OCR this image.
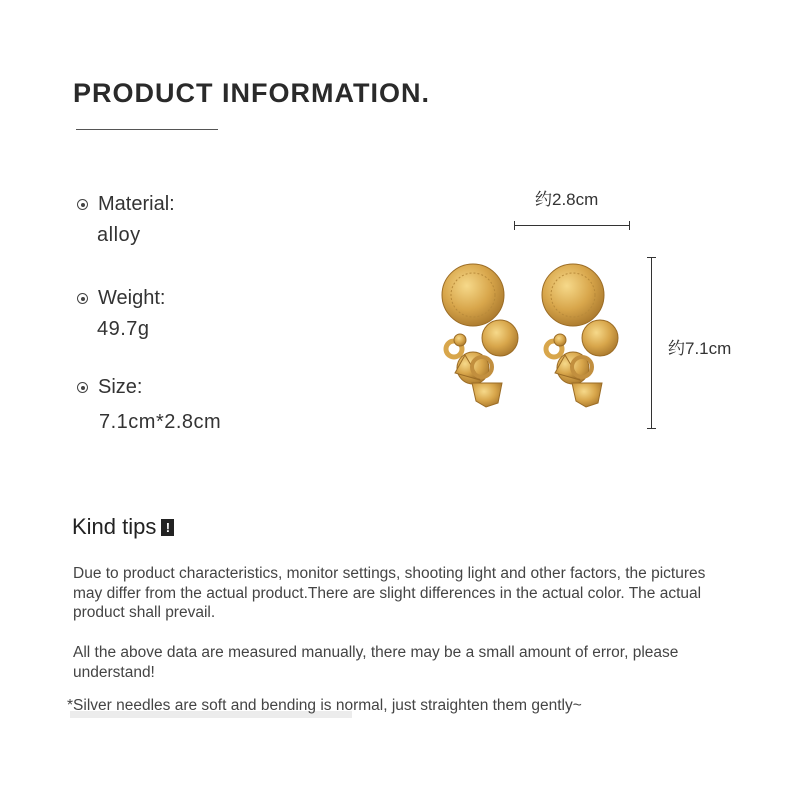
PRODUCT INFORMATION.
Material:
alloy
Weight:
49.7g
Size:
7.1cm*2.8cm
约2.8cm
约7.1cm
Kind tips !

Due to product characteristics, monitor settings, shooting light and other factors, the pictures may differ from the actual product.There are slight differences in the actual color. The actual product shall prevail.

All the above data are measured manually, there may be a small amount of error, please understand!

*Silver needles are soft and bending is normal, just straighten them gently~
